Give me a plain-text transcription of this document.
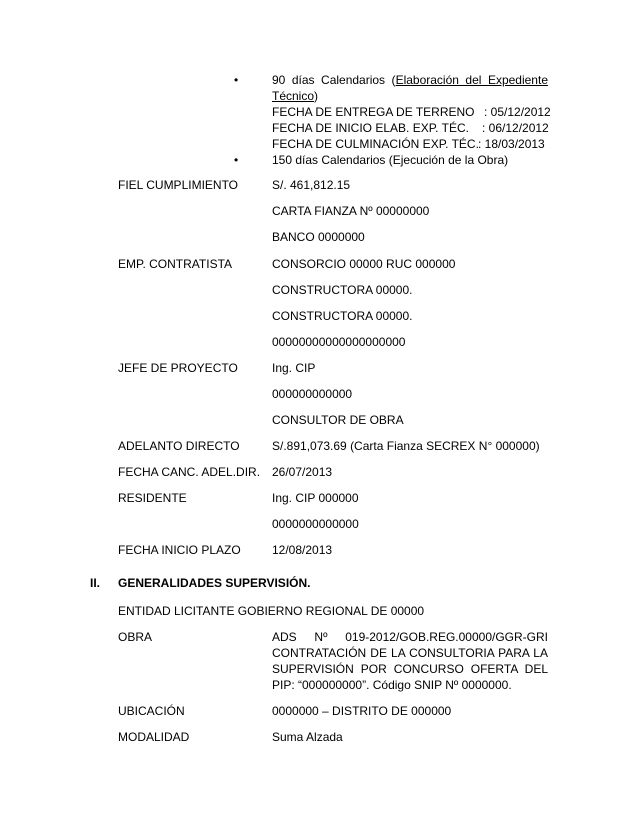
•	90 días Calendarios (Elaboración del Expediente
Técnico)
FECHA DE ENTREGA DE TERRENO : 05/12/2012
FECHA DE INICIO ELAB. EXP. TÉC. : 06/12/2012
FECHA DE CULMINACIÓN EXP. TÉC. : 18/03/2013
•	150 días Calendarios (Ejecución de la Obra)
FIEL CUMPLIMIENTO	S/. 461,812.15
CARTA FIANZA Nº 00000000
BANCO 0000000
EMP. CONTRATISTA	CONSORCIO 00000 RUC 000000
CONSTRUCTORA 00000.
CONSTRUCTORA 00000.
00000000000000000000
JEFE DE PROYECTO	Ing. CIP
000000000000
CONSULTOR DE OBRA
ADELANTO DIRECTO	S/.891,073.69 (Carta Fianza SECREX N° 000000)
FECHA CANC. ADEL.DIR. 26/07/2013
RESIDENTE	Ing. CIP 000000
0000000000000
FECHA INICIO PLAZO	12/08/2013
II. GENERALIDADES SUPERVISIÓN.
ENTIDAD LICITANTE GOBIERNO REGIONAL DE 00000
OBRA	ADS Nº 019-2012/GOB.REG.00000/GGR-GRI
CONTRATACIÓN DE LA CONSULTORIA PARA LA
SUPERVISIÓN POR CONCURSO OFERTA DEL
PIP: “000000000”. Código SNIP Nº 0000000.
UBICACIÓN	0000000 – DISTRITO DE 000000
MODALIDAD	Suma Alzada
